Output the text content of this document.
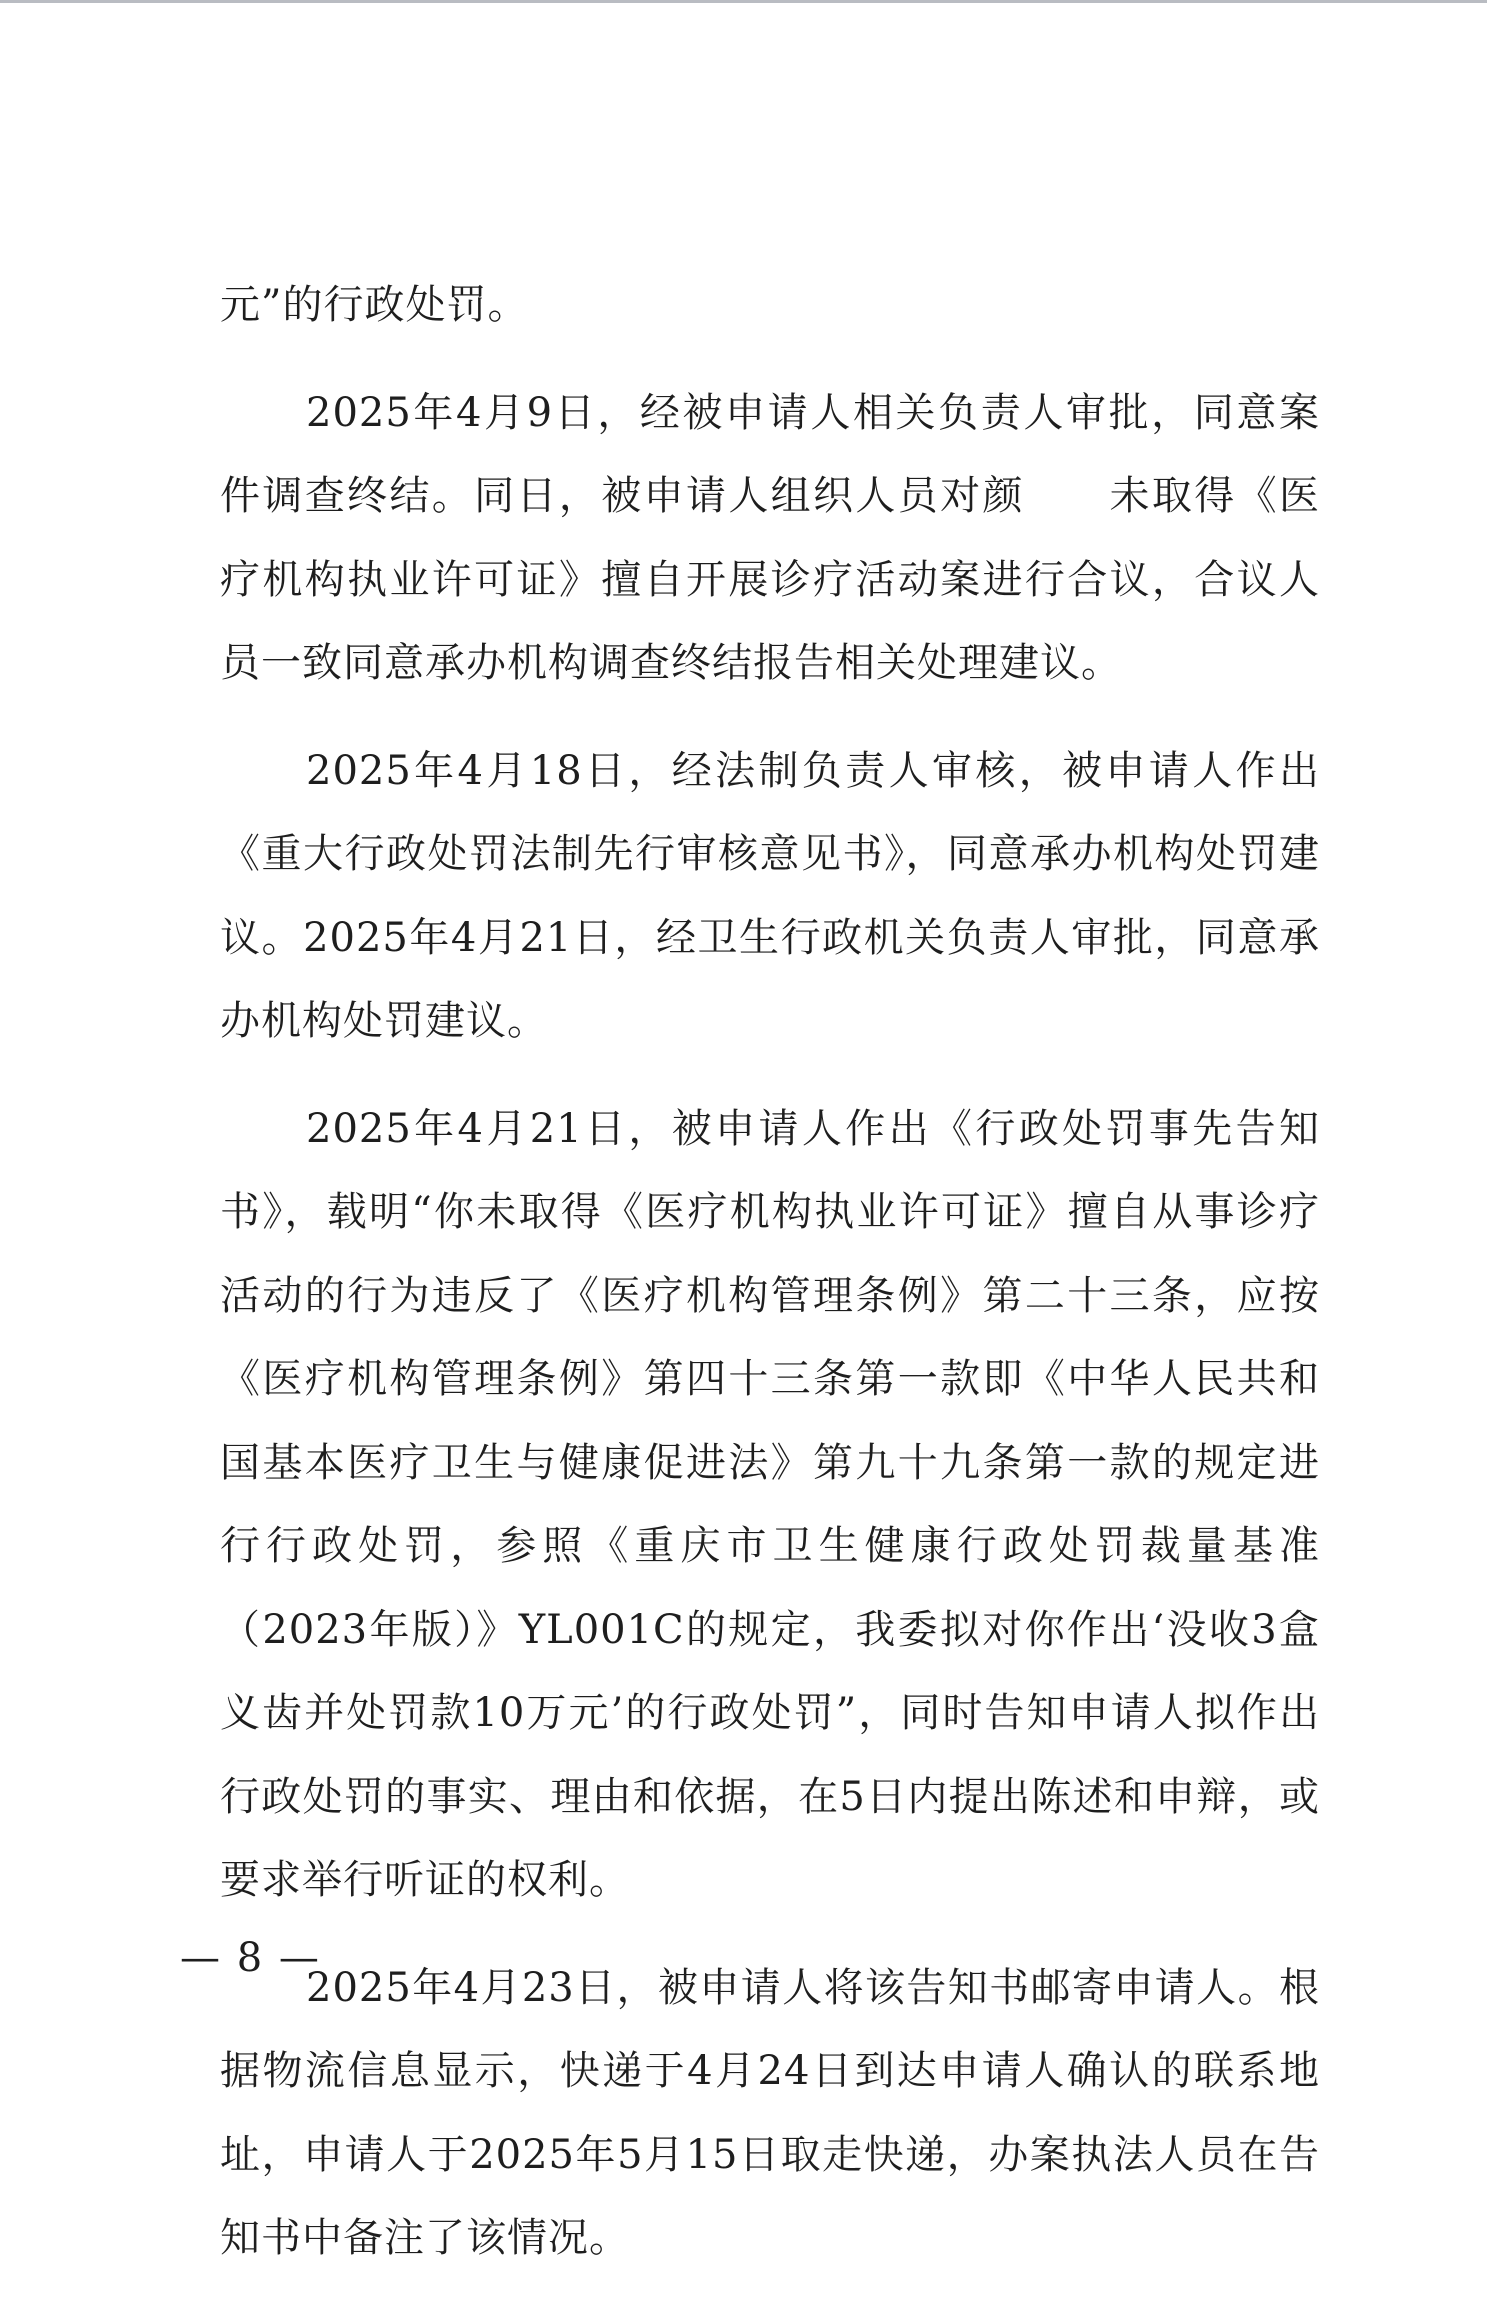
元”的行政处罚。

2025年4月9日，经被申请人相关负责人审批，同意案件调查终结。同日，被申请人组织人员对颜　　未取得《医疗机构执业许可证》擅自开展诊疗活动案进行合议，合议人员一致同意承办机构调查终结报告相关处理建议。

2025年4月18日，经法制负责人审核，被申请人作出《重大行政处罚法制先行审核意见书》，同意承办机构处罚建议。2025年4月21日，经卫生行政机关负责人审批，同意承办机构处罚建议。

2025年4月21日，被申请人作出《行政处罚事先告知书》，载明“你未取得《医疗机构执业许可证》擅自从事诊疗活动的行为违反了《医疗机构管理条例》第二十三条，应按《医疗机构管理条例》第四十三条第一款即《中华人民共和国基本医疗卫生与健康促进法》第九十九条第一款的规定进行行政处罚，参照《重庆市卫生健康行政处罚裁量基准（2023年版）》YL001C的规定，我委拟对你作出‘没收3盒　　　义齿并处罚款10万元’的行政处罚”，同时告知申请人拟作出行政处罚的事实、理由和依据，在5日内提出陈述和申辩，或要求举行听证的权利。

2025年4月23日，被申请人将该告知书邮寄申请人。根据物流信息显示，快递于4月24日到达申请人确认的联系地址，申请人于2025年5月15日取走快递，办案执法人员在告知书中备注了该情况。

— 8 —
